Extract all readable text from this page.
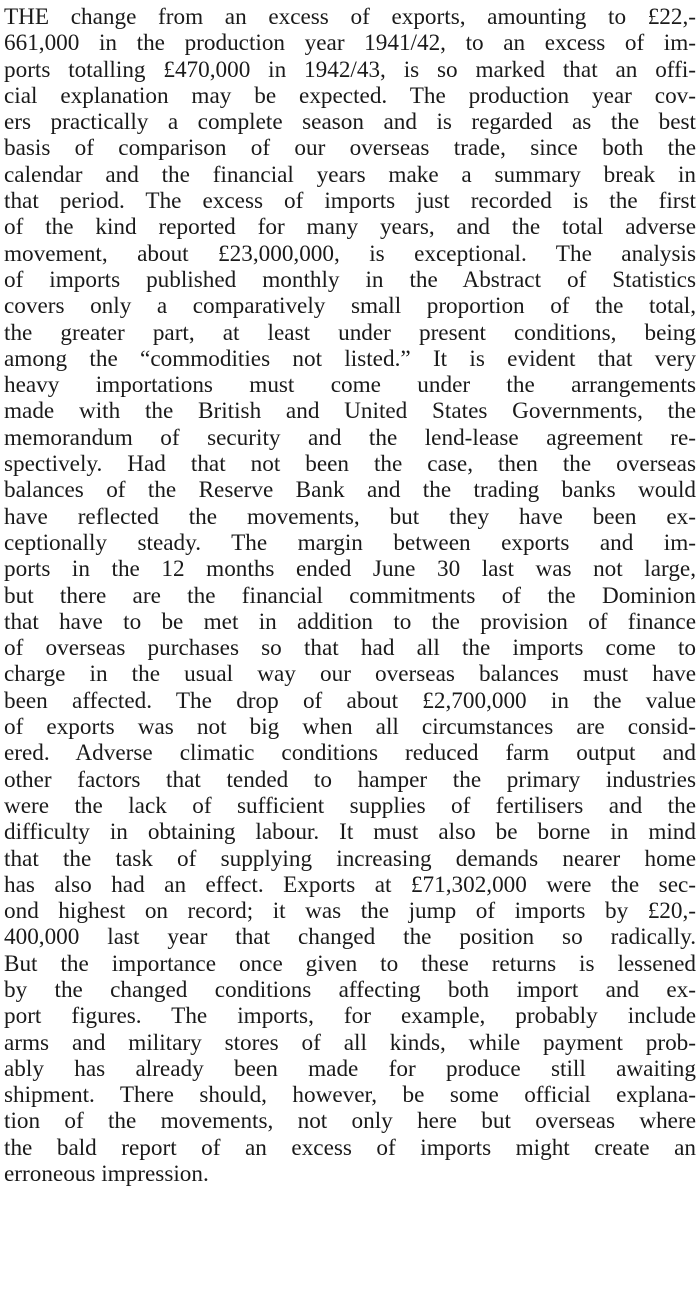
THE change from an excess of exports, amounting to £22,-
661,000 in the production year 1941/42, to an excess of im-
ports totalling £470,000 in 1942/43, is so marked that an offi-
cial explanation may be expected. The production year cov-
ers practically a complete season and is regarded as the best
basis of comparison of our overseas trade, since both the
calendar and the financial years make a summary break in
that period. The excess of imports just recorded is the first
of the kind reported for many years, and the total adverse
movement, about £23,000,000, is exceptional. The analysis
of imports published monthly in the Abstract of Statistics
covers only a comparatively small proportion of the total,
the greater part, at least under present conditions, being
among the “commodities not listed.” It is evident that very
heavy importations must come under the arrangements
made with the British and United States Governments, the
memorandum of security and the lend-lease agreement re-
spectively. Had that not been the case, then the overseas
balances of the Reserve Bank and the trading banks would
have reflected the movements, but they have been ex-
ceptionally steady. The margin between exports and im-
ports in the 12 months ended June 30 last was not large,
but there are the financial commitments of the Dominion
that have to be met in addition to the provision of finance
of overseas purchases so that had all the imports come to
charge in the usual way our overseas balances must have
been affected. The drop of about £2,700,000 in the value
of exports was not big when all circumstances are consid-
ered. Adverse climatic conditions reduced farm output and
other factors that tended to hamper the primary industries
were the lack of sufficient supplies of fertilisers and the
difficulty in obtaining labour. It must also be borne in mind
that the task of supplying increasing demands nearer home
has also had an effect. Exports at £71,302,000 were the sec-
ond highest on record; it was the jump of imports by £20,-
400,000 last year that changed the position so radically.
But the importance once given to these returns is lessened
by the changed conditions affecting both import and ex-
port figures. The imports, for example, probably include
arms and military stores of all kinds, while payment prob-
ably has already been made for produce still awaiting
shipment. There should, however, be some official explana-
tion of the movements, not only here but overseas where
the bald report of an excess of imports might create an
erroneous impression.
